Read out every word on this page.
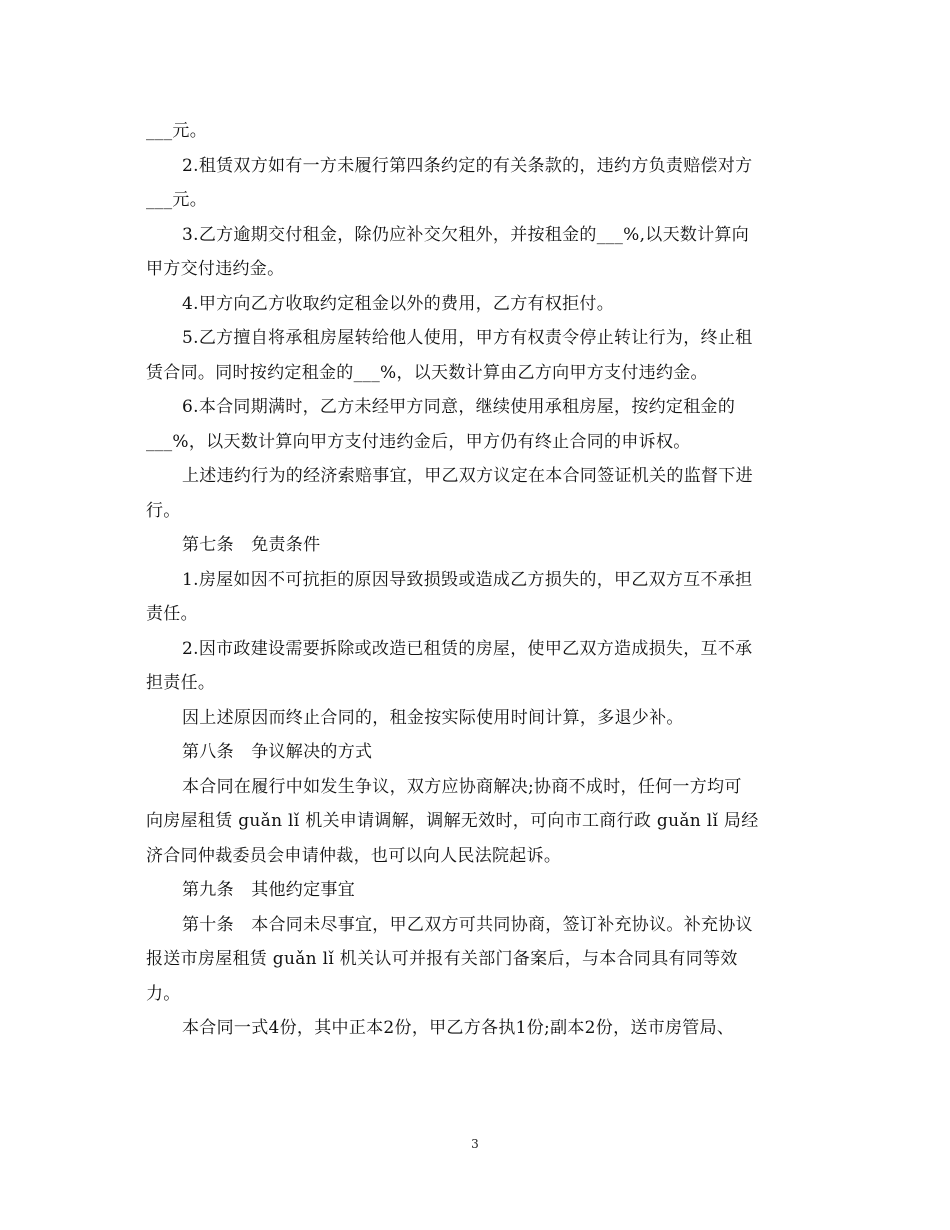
___元。

2.租赁双方如有一方未履行第四条约定的有关条款的，违约方负责赔偿对方

___元。

3.乙方逾期交付租金，除仍应补交欠租外，并按租金的___%,以天数计算向

甲方交付违约金。

4.甲方向乙方收取约定租金以外的费用，乙方有权拒付。

5.乙方擅自将承租房屋转给他人使用，甲方有权责令停止转让行为，终止租

赁合同。同时按约定租金的___%，以天数计算由乙方向甲方支付违约金。

6.本合同期满时，乙方未经甲方同意，继续使用承租房屋，按约定租金的

___%，以天数计算向甲方支付违约金后，甲方仍有终止合同的申诉权。

上述违约行为的经济索赔事宜，甲乙双方议定在本合同签证机关的监督下进

行。

第七条　免责条件

1.房屋如因不可抗拒的原因导致损毁或造成乙方损失的，甲乙双方互不承担

责任。

2.因市政建设需要拆除或改造已租赁的房屋，使甲乙双方造成损失，互不承

担责任。

因上述原因而终止合同的，租金按实际使用时间计算，多退少补。

第八条　争议解决的方式

本合同在履行中如发生争议，双方应协商解决;协商不成时，任何一方均可

向房屋租赁 guǎn lǐ 机关申请调解，调解无效时，可向市工商行政 guǎn lǐ 局经

济合同仲裁委员会申请仲裁，也可以向人民法院起诉。

第九条　其他约定事宜

第十条　本合同未尽事宜，甲乙双方可共同协商，签订补充协议。补充协议

报送市房屋租赁 guǎn lǐ 机关认可并报有关部门备案后，与本合同具有同等效

力。

本合同一式4份，其中正本2份，甲乙方各执1份;副本2份，送市房管局、

3
